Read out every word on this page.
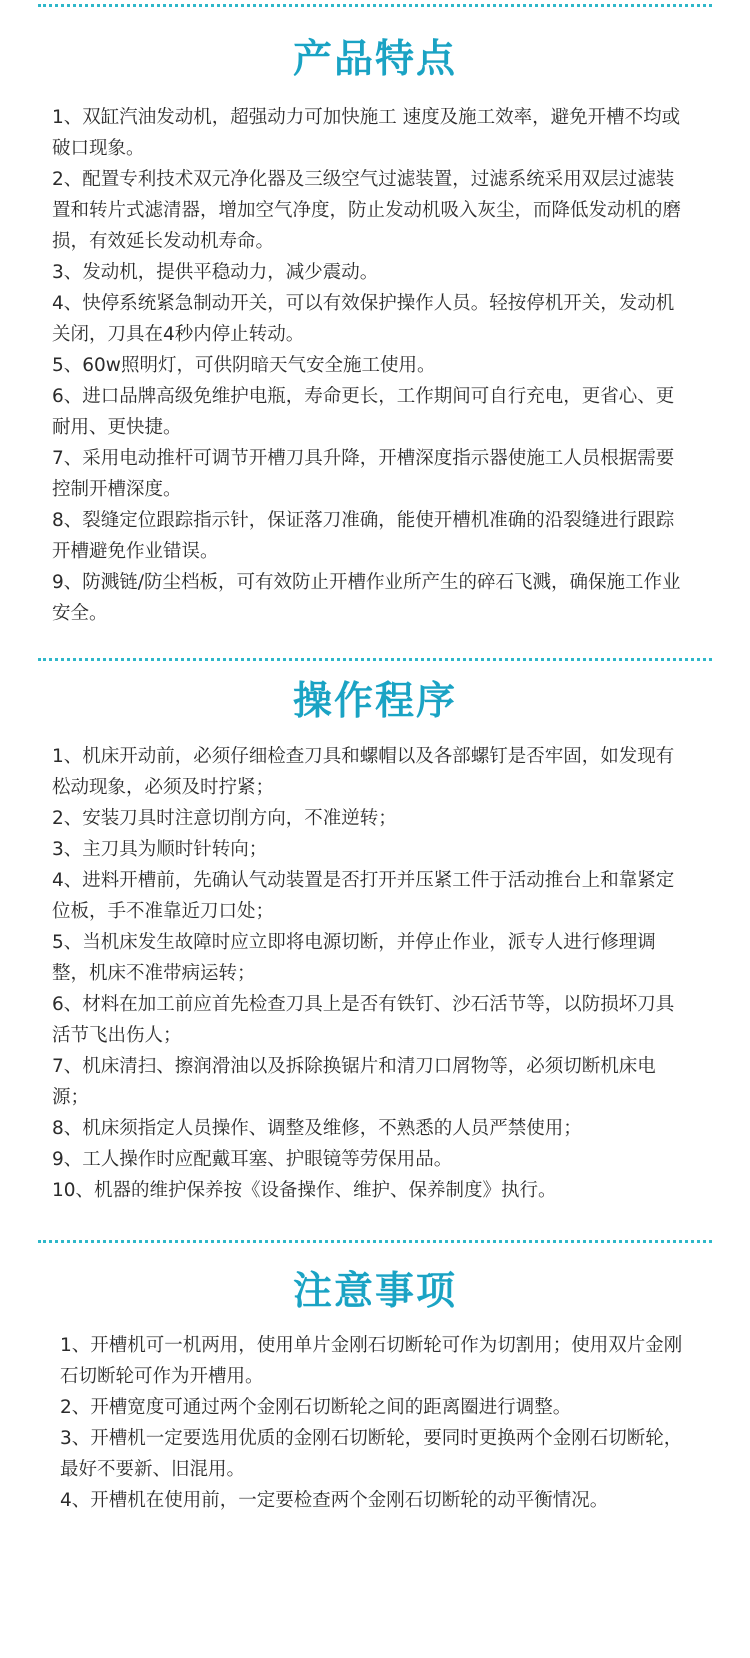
产品特点
1、双缸汽油发动机，超强动力可加快施工 速度及施工效率，避免开槽不均或破口现象。
2、配置专利技术双元净化器及三级空气过滤装置，过滤系统采用双层过滤装置和转片式滤清器，增加空气净度，防止发动机吸入灰尘，而降低发动机的磨损，有效延长发动机寿命。
3、发动机，提供平稳动力，减少震动。
4、快停系统紧急制动开关，可以有效保护操作人员。轻按停机开关，发动机关闭，刀具在4秒内停止转动。
5、60w照明灯，可供阴暗天气安全施工使用。
6、进口品牌高级免维护电瓶，寿命更长，工作期间可自行充电，更省心、更 耐用、更快捷。
7、采用电动推杆可调节开槽刀具升降，开槽深度指示器使施工人员根据需要控制开槽深度。
8、裂缝定位跟踪指示针，保证落刀准确，能使开槽机准确的沿裂缝进行跟踪开槽避免作业错误。
9、防溅链/防尘档板，可有效防止开槽作业所产生的碎石飞溅，确保施工作业安全。
操作程序
1、机床开动前，必须仔细检查刀具和螺帽以及各部螺钉是否牢固，如发现有松动现象，必须及时拧紧；
2、安装刀具时注意切削方向，不准逆转；
3、主刀具为顺时针转向；
4、进料开槽前，先确认气动装置是否打开并压紧工件于活动推台上和靠紧定位板，手不准靠近刀口处；
5、当机床发生故障时应立即将电源切断，并停止作业，派专人进行修理调整，机床不准带病运转；
6、材料在加工前应首先检查刀具上是否有铁钉、沙石活节等，以防损坏刀具活节飞出伤人；
7、机床清扫、擦润滑油以及拆除换锯片和清刀口屑物等，必须切断机床电源；
8、机床须指定人员操作、调整及维修，不熟悉的人员严禁使用；
9、工人操作时应配戴耳塞、护眼镜等劳保用品。
10、机器的维护保养按《设备操作、维护、保养制度》执行。
注意事项
1、开槽机可一机两用，使用单片金刚石切断轮可作为切割用；使用双片金刚石切断轮可作为开槽用。
2、开槽宽度可通过两个金刚石切断轮之间的距离圈进行调整。
3、开槽机一定要选用优质的金刚石切断轮，要同时更换两个金刚石切断轮，最好不要新、旧混用。
4、开槽机在使用前，一定要检查两个金刚石切断轮的动平衡情况。
